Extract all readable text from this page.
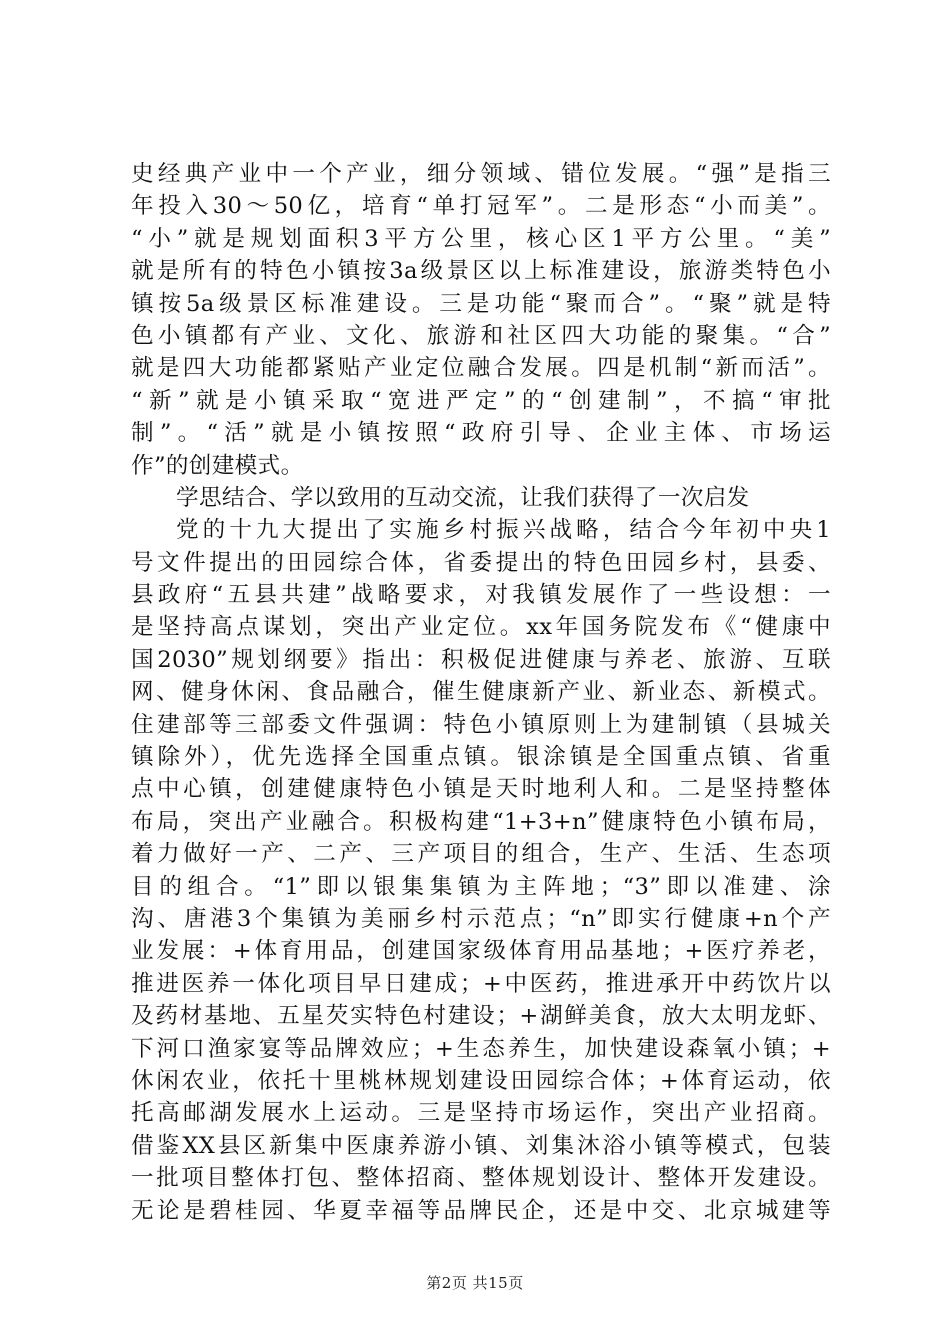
史经典产业中一个产业，细分领域、错位发展。“强”是指三
年投入30～50亿，培育“单打冠军”。二是形态“小而美”。
“小”就是规划面积3平方公里，核心区1平方公里。“美”
就是所有的特色小镇按3a级景区以上标准建设，旅游类特色小
镇按5a级景区标准建设。三是功能“聚而合”。“聚”就是特
色小镇都有产业、文化、旅游和社区四大功能的聚集。“合”
就是四大功能都紧贴产业定位融合发展。四是机制“新而活”。
“新”就是小镇采取“宽进严定”的“创建制”，不搞“审批
制”。“活”就是小镇按照“政府引导、企业主体、市场运
作”的创建模式。
学思结合、学以致用的互动交流，让我们获得了一次启发
党的十九大提出了实施乡村振兴战略，结合今年初中央1
号文件提出的田园综合体，省委提出的特色田园乡村，县委、
县政府“五县共建”战略要求，对我镇发展作了一些设想：一
是坚持高点谋划，突出产业定位。xx年国务院发布《“健康中
国2030”规划纲要》指出：积极促进健康与养老、旅游、互联
网、健身休闲、食品融合，催生健康新产业、新业态、新模式。
住建部等三部委文件强调：特色小镇原则上为建制镇（县城关
镇除外），优先选择全国重点镇。银涂镇是全国重点镇、省重
点中心镇，创建健康特色小镇是天时地利人和。二是坚持整体
布局，突出产业融合。积极构建“1+3+n”健康特色小镇布局，
着力做好一产、二产、三产项目的组合，生产、生活、生态项
目的组合。“1”即以银集集镇为主阵地；“3”即以准建、涂
沟、唐港3个集镇为美丽乡村示范点；“n”即实行健康+n个产
业发展：+体育用品，创建国家级体育用品基地；+医疗养老，
推进医养一体化项目早日建成；+中医药，推进承开中药饮片以
及药材基地、五星芡实特色村建设；+湖鲜美食，放大太明龙虾、
下河口渔家宴等品牌效应；+生态养生，加快建设森氧小镇；+
休闲农业，依托十里桃林规划建设田园综合体；+体育运动，依
托高邮湖发展水上运动。三是坚持市场运作，突出产业招商。
借鉴XX县区新集中医康养游小镇、刘集沐浴小镇等模式，包装
一批项目整体打包、整体招商、整体规划设计、整体开发建设。
无论是碧桂园、华夏幸福等品牌民企，还是中交、北京城建等
第2页 共15页
